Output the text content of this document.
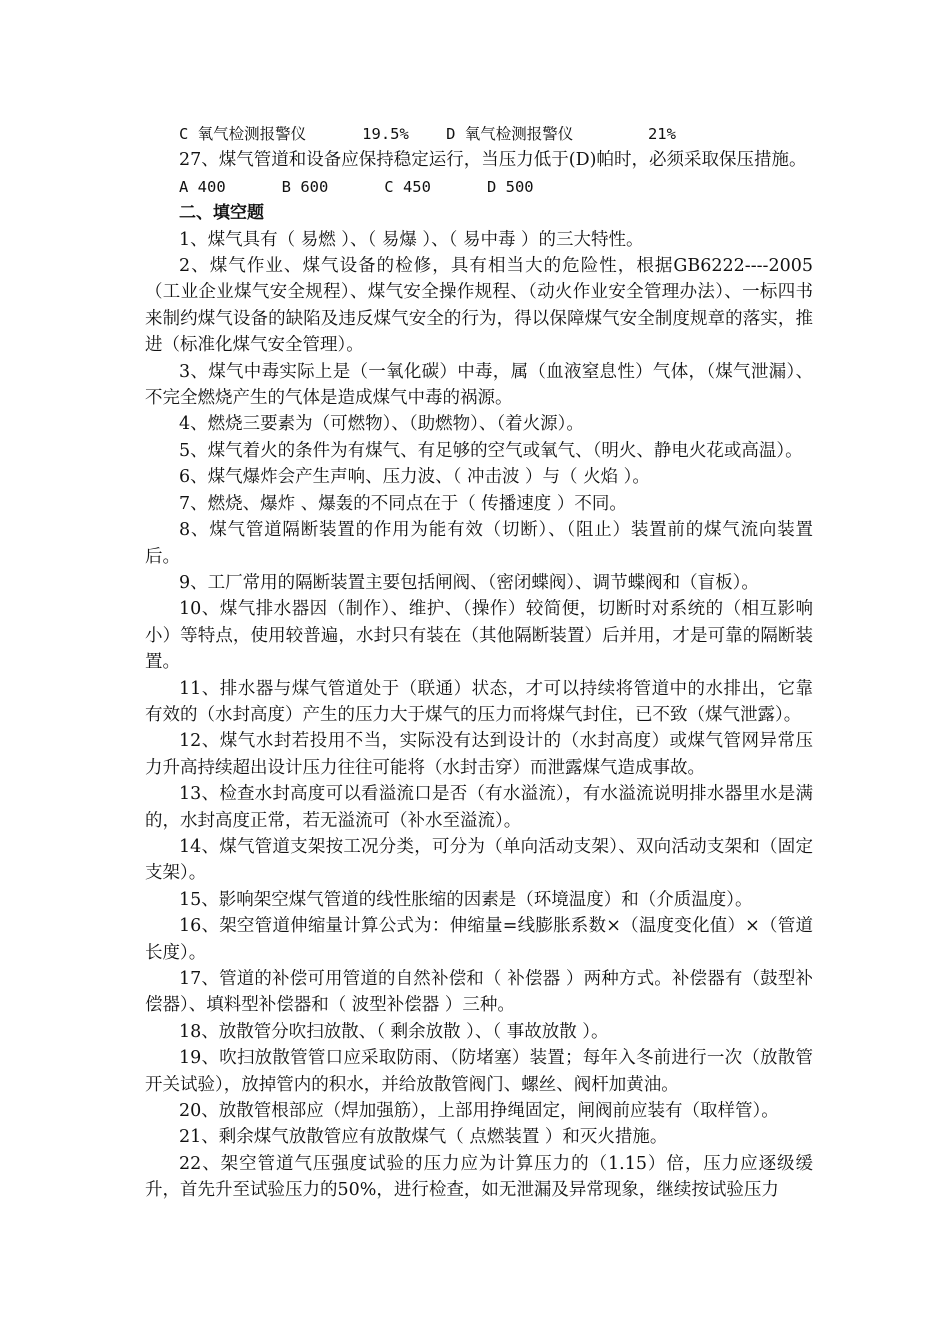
C 氧气检测报警仪      19.5%    D 氧气检测报警仪        21%

27、煤气管道和设备应保持稳定运行，当压力低于(D)帕时，必须采取保压措施。

A 400      B 600      C 450      D 500

二、填空题

1、煤气具有（ 易燃 ）、（ 易爆 ）、（ 易中毒 ）的三大特性。

2、煤气作业、煤气设备的检修，具有相当大的危险性，根据GB6222----2005（工业企业煤气安全规程）、煤气安全操作规程、（动火作业安全管理办法）、一标四书来制约煤气设备的缺陷及违反煤气安全的行为，得以保障煤气安全制度规章的落实，推进（标准化煤气安全管理）。

3、煤气中毒实际上是（一氧化碳）中毒，属（血液窒息性）气体，（煤气泄漏）、不完全燃烧产生的气体是造成煤气中毒的祸源。

4、燃烧三要素为（可燃物）、（助燃物）、（着火源）。

5、煤气着火的条件为有煤气、有足够的空气或氧气、（明火、静电火花或高温）。

6、煤气爆炸会产生声响、压力波、（ 冲击波 ）与（ 火焰 ）。

7、燃烧、爆炸 、爆轰的不同点在于（ 传播速度 ）不同。

8、煤气管道隔断装置的作用为能有效（切断）、（阻止）装置前的煤气流向装置后。

9、工厂常用的隔断装置主要包括闸阀、（密闭蝶阀）、调节蝶阀和（盲板）。

10、煤气排水器因（制作）、维护、（操作）较简便，切断时对系统的（相互影响小）等特点，使用较普遍，水封只有装在（其他隔断装置）后并用，才是可靠的隔断装置。

11、排水器与煤气管道处于（联通）状态，才可以持续将管道中的水排出，它靠有效的（水封高度）产生的压力大于煤气的压力而将煤气封住，已不致（煤气泄露）。

12、煤气水封若投用不当，实际没有达到设计的（水封高度）或煤气管网异常压力升高持续超出设计压力往往可能将（水封击穿）而泄露煤气造成事故。

13、检查水封高度可以看溢流口是否（有水溢流），有水溢流说明排水器里水是满的，水封高度正常，若无溢流可（补水至溢流）。

14、煤气管道支架按工况分类，可分为（单向活动支架）、双向活动支架和（固定支架）。

15、影响架空煤气管道的线性胀缩的因素是（环境温度）和（介质温度）。

16、架空管道伸缩量计算公式为：伸缩量=线膨胀系数×（温度变化值）×（管道长度）。

17、管道的补偿可用管道的自然补偿和（ 补偿器 ）两种方式。补偿器有（鼓型补偿器）、填料型补偿器和（ 波型补偿器 ）三种。

18、放散管分吹扫放散、（ 剩余放散 ）、（ 事故放散 ）。

19、吹扫放散管管口应采取防雨、（防堵塞）装置；每年入冬前进行一次（放散管开关试验），放掉管内的积水，并给放散管阀门、螺丝、阀杆加黄油。

20、放散管根部应（焊加强筋），上部用挣绳固定，闸阀前应装有（取样管）。

21、剩余煤气放散管应有放散煤气（ 点燃装置 ）和灭火措施。

22、架空管道气压强度试验的压力应为计算压力的（1.15）倍，压力应逐级缓升，首先升至试验压力的50%，进行检查，如无泄漏及异常现象，继续按试验压力
